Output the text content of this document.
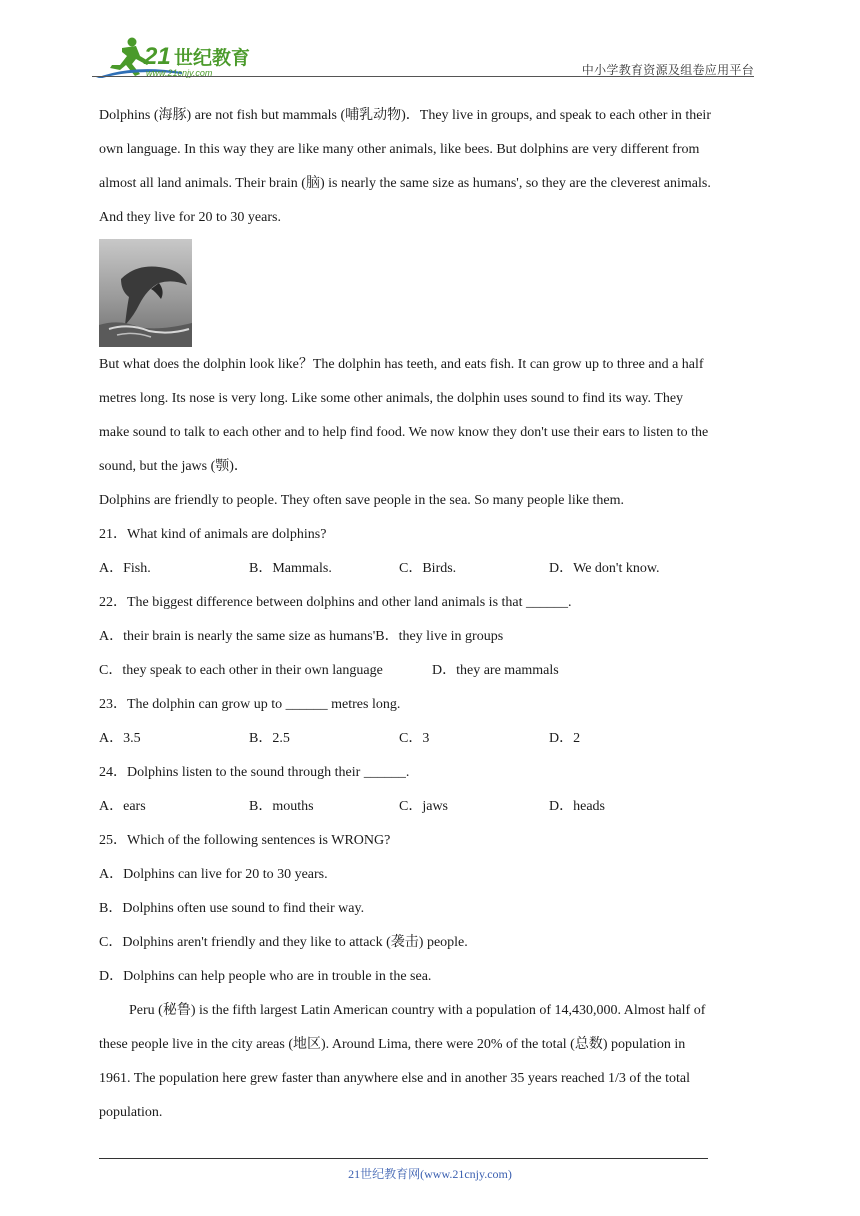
21 世纪教育
www.21cnjy.com	中小学教育资源及组卷应用平台
Dolphins (海豚) are not fish but mammals (哺乳动物)．They live in groups, and speak to each other in their
own language. In this way they are like many other animals, like bees. But dolphins are very different from
almost all land animals. Their brain (脑) is nearly the same size as humans', so they are the cleverest animals.
And they live for 20 to 30 years.
But what does the dolphin look like？The dolphin has teeth, and eats fish. It can grow up to three and a half
metres long. Its nose is very long. Like some other animals, the dolphin uses sound to find its way. They
make sound to talk to each other and to help find food. We now know they don't use their ears to listen to the
sound, but the jaws (颚)．
Dolphins are friendly to people. They often save people in the sea. So many people like them.
21．What kind of animals are dolphins?
A．Fish.	B．Mammals.	C．Birds.	D．We don't know.
22．The biggest difference between dolphins and other land animals is that ______.
A．their brain is nearly the same size as humans' B．they live in groups
C．they speak to each other in their own language	D．they are mammals
23．The dolphin can grow up to ______ metres long.
A．3.5	B．2.5	C．3	D．2
24．Dolphins listen to the sound through their ______.
A．ears	B．mouths	C．jaws	D．heads
25．Which of the following sentences is WRONG?
A．Dolphins can live for 20 to 30 years.
B．Dolphins often use sound to find their way.
C．Dolphins aren't friendly and they like to attack (袭击) people.
D．Dolphins can help people who are in trouble in the sea.
Peru (秘鲁) is the fifth largest Latin American country with a population of 14,430,000. Almost half of
these people live in the city areas (地区). Around Lima, there were 20% of the total (总数) population in
1961. The population here grew faster than anywhere else and in another 35 years reached 1/3 of the total
population.
21世纪教育网(www.21cnjy.com)
